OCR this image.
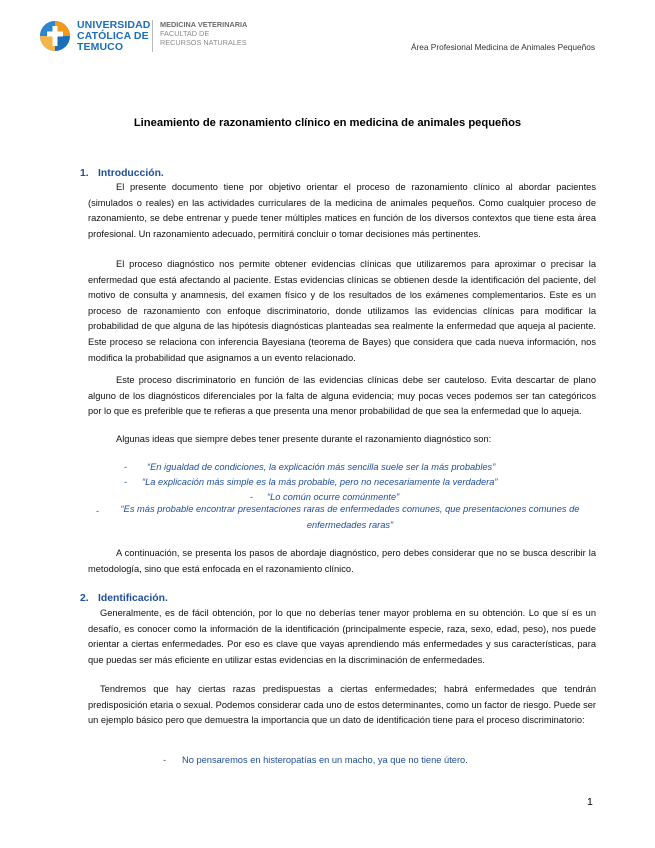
UNIVERSIDAD
CATÓLICA DE
TEMUCO
MEDICINA VETERINARIA
FACULTAD DE
RECURSOS NATURALES	Área Profesional Medicina de Animales Pequeños
Lineamiento de razonamiento clínico en medicina de animales pequeños
1. Introducción.
El presente documento tiene por objetivo orientar el proceso de razonamiento clínico al abordar pacientes (simulados o reales) en las actividades curriculares de la medicina de animales pequeños. Como cualquier proceso de razonamiento, se debe entrenar y puede tener múltiples matices en función de los diversos contextos que tiene esta área profesional. Un razonamiento adecuado, permitirá concluir o tomar decisiones más pertinentes.
El proceso diagnóstico nos permite obtener evidencias clínicas que utilizaremos para aproximar o precisar la enfermedad que está afectando al paciente. Estas evidencias clínicas se obtienen desde la identificación del paciente, del motivo de consulta y anamnesis, del examen físico y de los resultados de los exámenes complementarios. Este es un proceso de razonamiento con enfoque discriminatorio, donde utilizamos las evidencias clínicas para modificar la probabilidad de que alguna de las hipótesis diagnósticas planteadas sea realmente la enfermedad que aqueja al paciente. Este proceso se relaciona con inferencia Bayesiana (teorema de Bayes) que considera que cada nueva información, nos modifica la probabilidad que asignamos a un evento relacionado.
Este proceso discriminatorio en función de las evidencias clínicas debe ser cauteloso. Evita descartar de plano alguno de los diagnósticos diferenciales por la falta de alguna evidencia; muy pocas veces podemos ser tan categóricos por lo que es preferible que te refieras a que presenta una menor probabilidad de que sea la enfermedad que lo aqueja.
Algunas ideas que siempre debes tener presente durante el razonamiento diagnóstico son:
- “En igualdad de condiciones, la explicación más sencilla suele ser la más probables”
- “La explicación más simple es la más probable, pero no necesariamente la verdadera”
- “Lo común ocurre comúnmente”
-	“Es más probable encontrar presentaciones raras de enfermedades comunes, que presentaciones comunes de enfermedades raras”
A continuación, se presenta los pasos de abordaje diagnóstico, pero debes considerar que no se busca describir la metodología, sino que está enfocada en el razonamiento clínico.
2. Identificación.
Generalmente, es de fácil obtención, por lo que no deberías tener mayor problema en su obtención. Lo que sí es un desafío, es conocer como la información de la identificación (principalmente especie, raza, sexo, edad, peso), nos puede orientar a ciertas enfermedades. Por eso es clave que vayas aprendiendo más enfermedades y sus características, para que puedas ser más eficiente en utilizar estas evidencias en la discriminación de enfermedades.
Tendremos que hay ciertas razas predispuestas a ciertas enfermedades; habrá enfermedades que tendrán predisposición etaria o sexual. Podemos considerar cada uno de estos determinantes, como un factor de riesgo. Puede ser un ejemplo básico pero que demuestra la importancia que un dato de identificación tiene para el proceso discriminatorio:
- No pensaremos en histeropatías en un macho, ya que no tiene útero.
1
